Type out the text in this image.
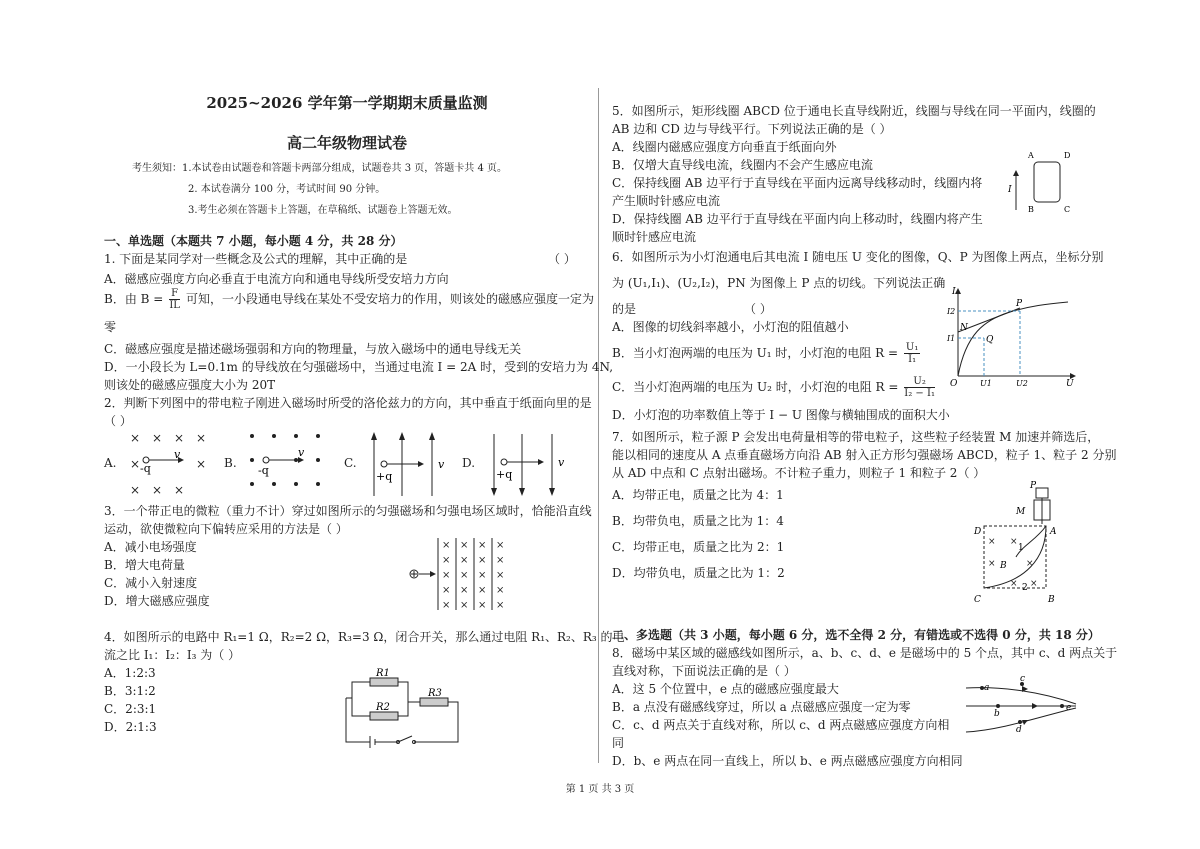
2025~2026 学年第一学期期末质量监测
高二年级物理试卷
考生须知：1.本试卷由试题卷和答题卡两部分组成，试题卷共 3 页，答题卡共 4 页。
2. 本试卷满分 100 分，考试时间 90 分钟。
3.考生必须在答题卡上答题，在草稿纸、试题卷上答题无效。
一、单选题（本题共 7 小题，每小题 4 分，共 28 分）
1. 下面是某同学对一些概念及公式的理解，其中正确的是	（ ）
A．磁感应强度方向必垂直于电流方向和通电导线所受安培力方向
B．由 $B = \frac{F}{IL}$ 可知，一小段通电导线在某处不受安培力的作用，则该处的磁感应强度一定为
零
C．磁感应强度是描述磁场强弱和方向的物理量，与放入磁场中的通电导线无关
D．一小段长为 L=0.1m 的导线放在匀强磁场中，当通过电流 I = 2A 时，受到的安培力为 4N,
则该处的磁感应强度大小为 20T
2．判断下列图中的带电粒子刚进入磁场时所受的洛伦兹力的方向，其中垂直于纸面向里的是
（ ）
A.	B.	C.	D.
× × × ×
×	×
× × ×
-q
v
-q
v
+q
v
+q
v
3．一个带正电的微粒（重力不计）穿过如图所示的匀强磁场和匀强电场区域时，恰能沿直线
运动，欲使微粒向下偏转应采用的方法是（ ）
A．减小电场强度
B．增大电荷量
C．减小入射速度
D．增大磁感应强度
× × × ×
× × × ×
× × × ×
× × × ×
× × × ×
4．如图所示的电路中 R₁=1 Ω，R₂=2 Ω，R₃=3 Ω，闭合开关，那么通过电阻 R₁、R₂、R₃ 的电
流之比 I₁：I₂：I₃ 为（ ）
A．1:2:3
B．3:1:2
C．2:3:1
D．2:1:3
R1
R2
R3
5．如图所示，矩形线圈 ABCD 位于通电长直导线附近，线圈与导线在同一平面内，线圈的
AB 边和 CD 边与导线平行。下列说法正确的是（ ）
A．线圈内磁感应强度方向垂直于纸面向外
B．仅增大直导线电流，线圈内不会产生感应电流
C．保持线圈 AB 边平行于直导线在平面内远离导线移动时，线圈内将
产生顺时针感应电流
D．保持线圈 AB 边平行于直导线在平面内向上移动时，线圈内将产生
顺时针感应电流
I
A	D
B	C
6．如图所示为小灯泡通电后其电流 I 随电压 U 变化的图像，Q、P 为图像上两点，坐标分别
为 (U₁,I₁)、(U₂,I₂)，PN 为图像上 P 点的切线。下列说法正确
的是	（ ）
A．图像的切线斜率越小，小灯泡的阻值越小
B．当小灯泡两端的电压为 U₁ 时，小灯泡的电阻 $R = \frac{\text{U₁}}{\text{I₁}}$
C．当小灯泡两端的电压为 U₂ 时，小灯泡的电阻 $R = \frac{\text{U₂}}{\text{I₂ − I₁}}$
D．小灯泡的功率数值上等于 I − U 图像与横轴围成的面积大小
I
U
O
I2
I1
U1	U2
N
Q
P
7．如图所示，粒子源 P 会发出电荷量相等的带电粒子，这些粒子经装置 M 加速并筛选后，
能以相同的速度从 A 点垂直磁场方向沿 AB 射入正方形匀强磁场 ABCD，粒子 1、粒子 2 分别
从 AD 中点和 C 点射出磁场。不计粒子重力，则粒子 1 和粒子 2（ ）
A．均带正电，质量之比为 4：1
B．均带负电，质量之比为 1：4
C．均带正电，质量之比为 2：1
D．均带负电，质量之比为 1：2
P
M
× ×
×	×
× ×
B
1
2
D	A
C	B
二、多选题（共 3 小题，每小题 6 分，选不全得 2 分，有错选或不选得 0 分，共 18 分）
8．磁场中某区域的磁感线如图所示，a、b、c、d、e 是磁场中的 5 个点，其中 c、d 两点关于
直线对称，下面说法正确的是（ ）
A．这 5 个位置中，e 点的磁感应强度最大
B．a 点没有磁感线穿过，所以 a 点磁感应强度一定为零
C．c、d 两点关于直线对称，所以 c、d 两点磁感应强度方向相
同
D．b、e 两点在同一直线上，所以 b、e 两点磁感应强度方向相同
a
c
b
d
e
第 1 页 共 3 页
